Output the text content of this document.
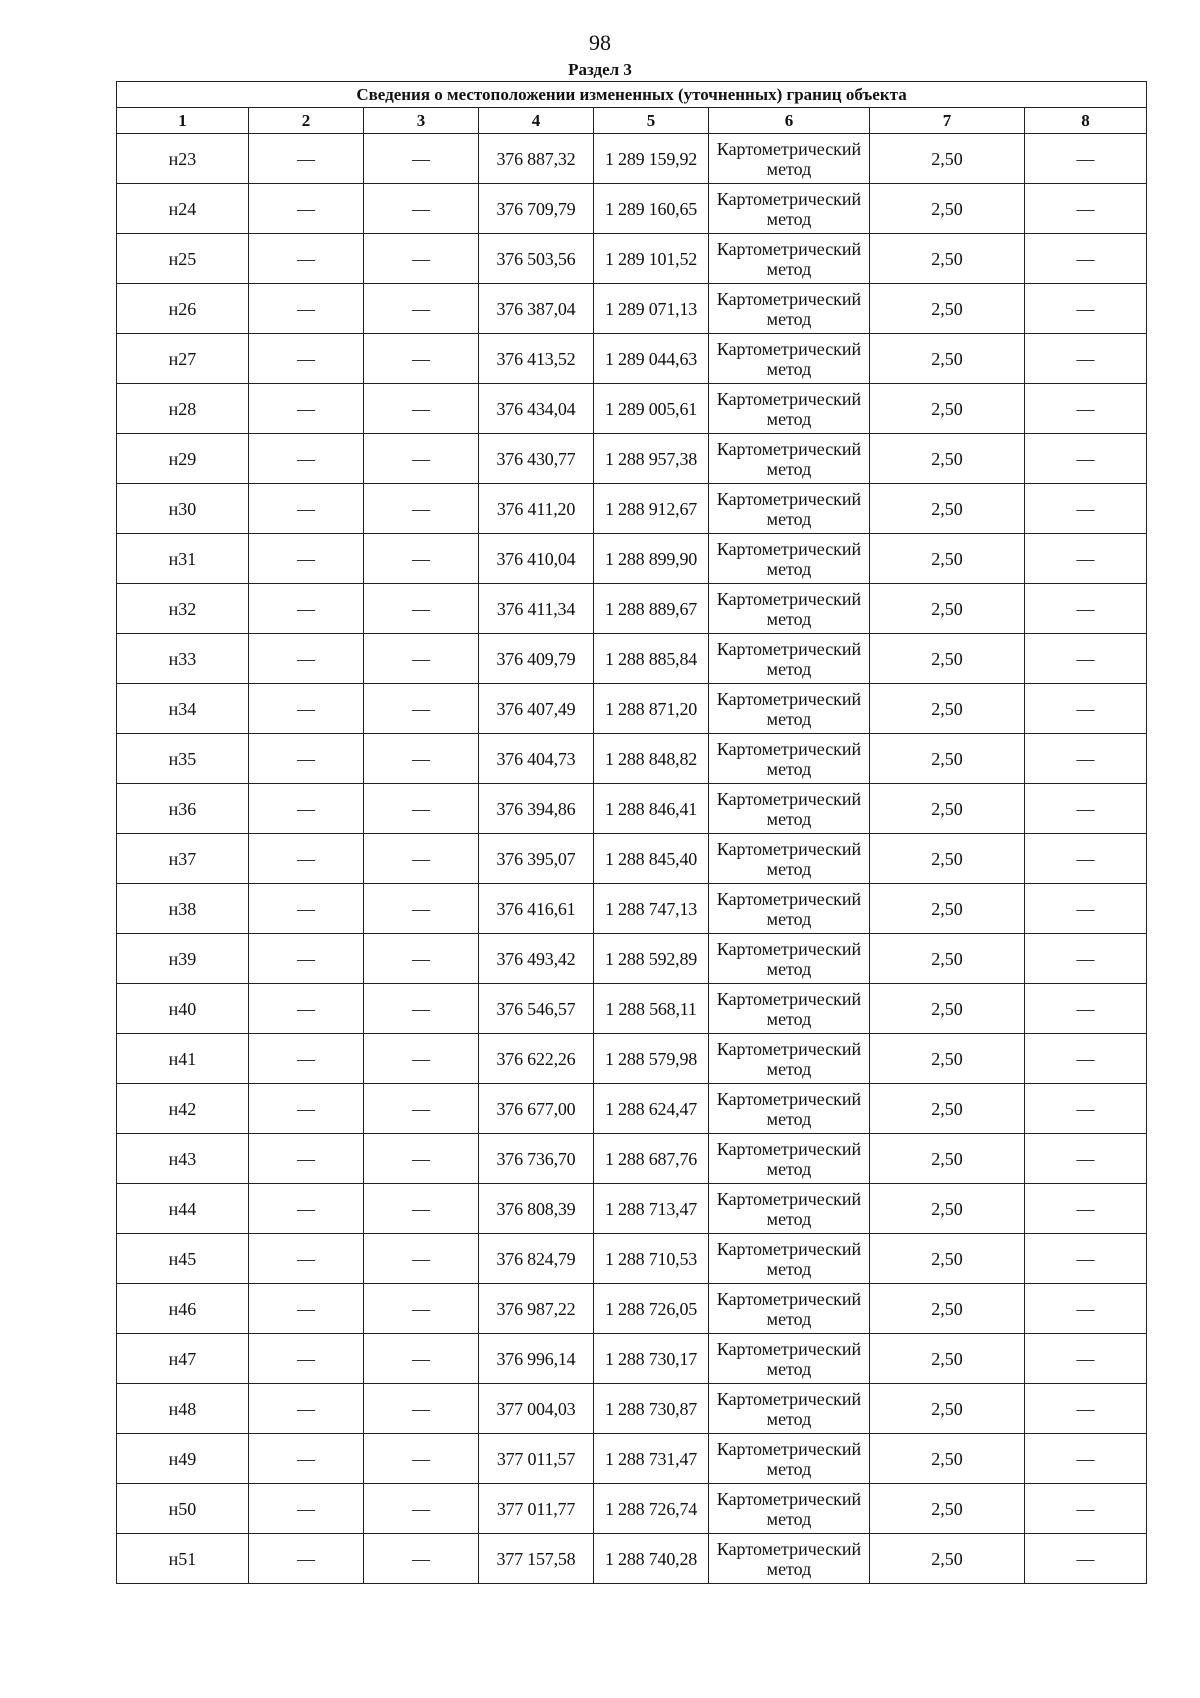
98
Раздел 3
Сведения о местоположении измененных (уточненных) границ объекта							
1	2	3	4	5	6	7	8
н23	—	—	376 887,32	1 289 159,92	Картометрический метод	2,50	—
н24	—	—	376 709,79	1 289 160,65	Картометрический метод	2,50	—
н25	—	—	376 503,56	1 289 101,52	Картометрический метод	2,50	—
н26	—	—	376 387,04	1 289 071,13	Картометрический метод	2,50	—
н27	—	—	376 413,52	1 289 044,63	Картометрический метод	2,50	—
н28	—	—	376 434,04	1 289 005,61	Картометрический метод	2,50	—
н29	—	—	376 430,77	1 288 957,38	Картометрический метод	2,50	—
н30	—	—	376 411,20	1 288 912,67	Картометрический метод	2,50	—
н31	—	—	376 410,04	1 288 899,90	Картометрический метод	2,50	—
н32	—	—	376 411,34	1 288 889,67	Картометрический метод	2,50	—
н33	—	—	376 409,79	1 288 885,84	Картометрический метод	2,50	—
н34	—	—	376 407,49	1 288 871,20	Картометрический метод	2,50	—
н35	—	—	376 404,73	1 288 848,82	Картометрический метод	2,50	—
н36	—	—	376 394,86	1 288 846,41	Картометрический метод	2,50	—
н37	—	—	376 395,07	1 288 845,40	Картометрический метод	2,50	—
н38	—	—	376 416,61	1 288 747,13	Картометрический метод	2,50	—
н39	—	—	376 493,42	1 288 592,89	Картометрический метод	2,50	—
н40	—	—	376 546,57	1 288 568,11	Картометрический метод	2,50	—
н41	—	—	376 622,26	1 288 579,98	Картометрический метод	2,50	—
н42	—	—	376 677,00	1 288 624,47	Картометрический метод	2,50	—
н43	—	—	376 736,70	1 288 687,76	Картометрический метод	2,50	—
н44	—	—	376 808,39	1 288 713,47	Картометрический метод	2,50	—
н45	—	—	376 824,79	1 288 710,53	Картометрический метод	2,50	—
н46	—	—	376 987,22	1 288 726,05	Картометрический метод	2,50	—
н47	—	—	376 996,14	1 288 730,17	Картометрический метод	2,50	—
н48	—	—	377 004,03	1 288 730,87	Картометрический метод	2,50	—
н49	—	—	377 011,57	1 288 731,47	Картометрический метод	2,50	—
н50	—	—	377 011,77	1 288 726,74	Картометрический метод	2,50	—
н51	—	—	377 157,58	1 288 740,28	Картометрический метод	2,50	—
